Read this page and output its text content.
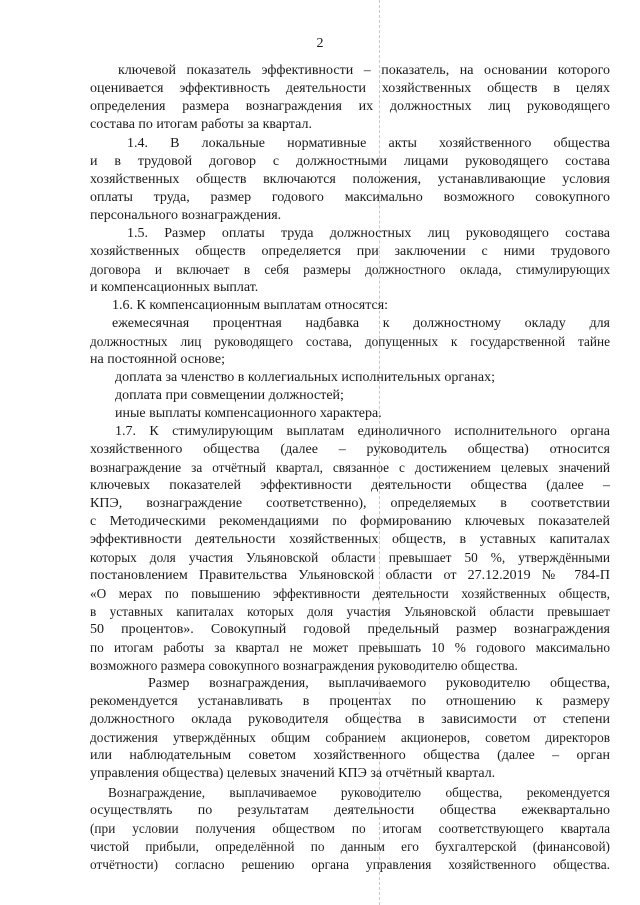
2
ключевой показатель эффективности – показатель, на основании которого
оценивается эффективность деятельности хозяйственных обществ в целях
определения размера вознаграждения их должностных лиц руководящего
состава по итогам работы за квартал.
1.4. В локальные нормативные акты хозяйственного общества
и в трудовой договор с должностными лицами руководящего состава
хозяйственных обществ включаются положения, устанавливающие условия
оплаты труда, размер годового максимально возможного совокупного
персонального вознаграждения.
1.5. Размер оплаты труда должностных лиц руководящего состава
хозяйственных обществ определяется при заключении с ними трудового
договора и включает в себя размеры должностного оклада, стимулирующих
и компенсационных выплат.
1.6. К компенсационным выплатам относятся:
ежемесячная процентная надбавка к должностному окладу для
должностных лиц руководящего состава, допущенных к государственной тайне
на постоянной основе;
доплата за членство в коллегиальных исполнительных органах;
доплата при совмещении должностей;
иные выплаты компенсационного характера.
1.7. К стимулирующим выплатам единоличного исполнительного органа
хозяйственного общества (далее – руководитель общества) относится
вознаграждение за отчётный квартал, связанное с достижением целевых значений
ключевых показателей эффективности деятельности общества (далее –
КПЭ, вознаграждение соответственно), определяемых в соответствии
с Методическими рекомендациями по формированию ключевых показателей
эффективности деятельности хозяйственных обществ, в уставных капиталах
которых доля участия Ульяновской области превышает 50 %, утверждёнными
постановлением Правительства Ульяновской области от 27.12.2019 № 784-П
«О мерах по повышению эффективности деятельности хозяйственных обществ,
в уставных капиталах которых доля участия Ульяновской области превышает
50 процентов». Совокупный годовой предельный размер вознаграждения
по итогам работы за квартал не может превышать 10 % годового максимально
возможного размера совокупного вознаграждения руководителю общества.
Размер вознаграждения, выплачиваемого руководителю общества,
рекомендуется устанавливать в процентах по отношению к размеру
должностного оклада руководителя общества в зависимости от степени
достижения утверждённых общим собранием акционеров, советом директоров
или наблюдательным советом хозяйственного общества (далее – орган
управления общества) целевых значений КПЭ за отчётный квартал.
Вознаграждение, выплачиваемое руководителю общества, рекомендуется
осуществлять по результатам деятельности общества ежеквартально
(при условии получения обществом по итогам соответствующего квартала
чистой прибыли, определённой по данным его бухгалтерской (финансовой)
отчётности) согласно решению органа управления хозяйственного общества.
